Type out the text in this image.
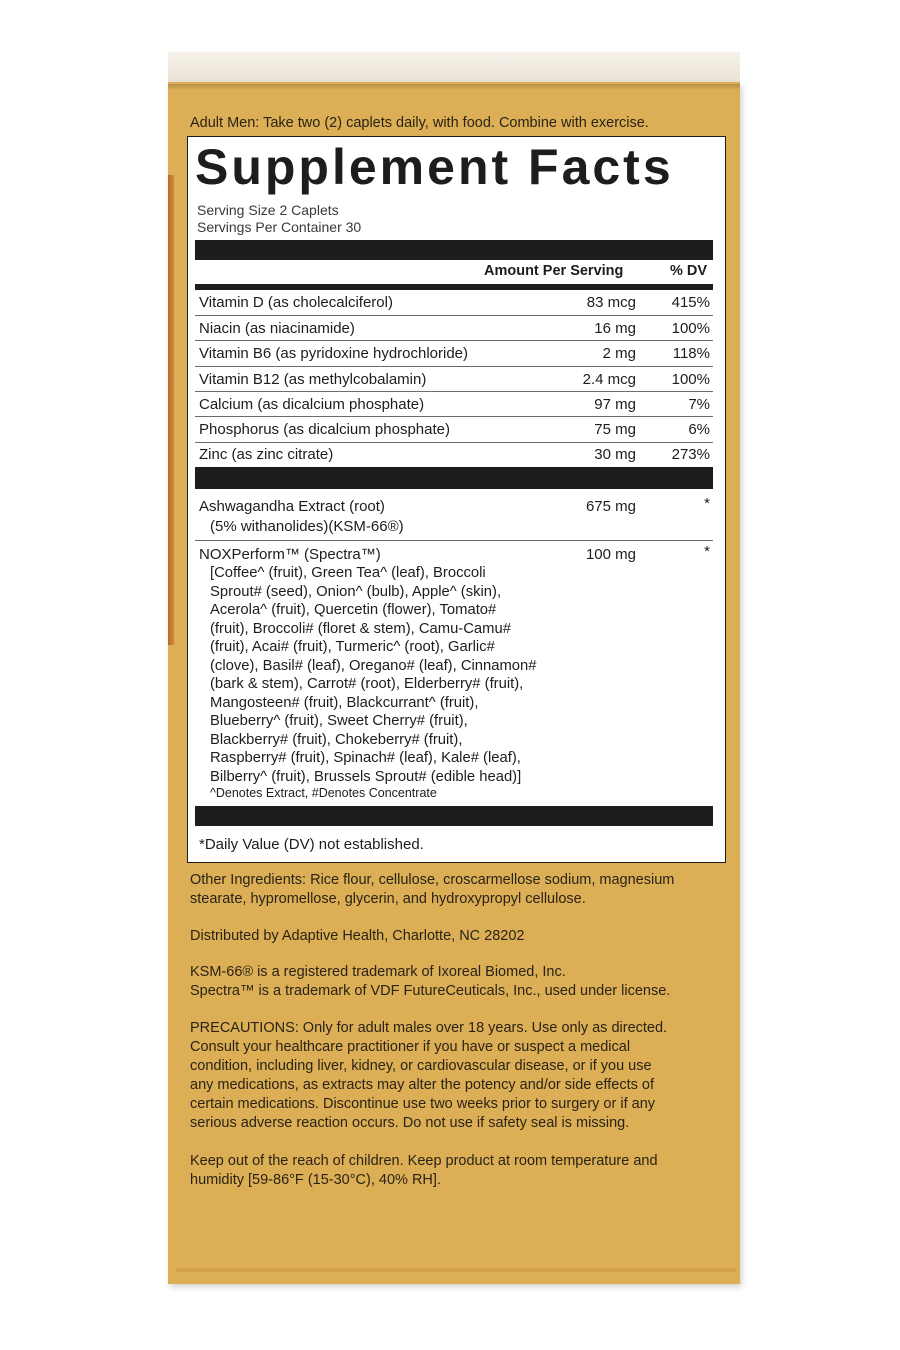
Adult Men: Take two (2) caplets daily, with food. Combine with exercise.
Supplement Facts
Serving Size 2 Caplets
Servings Per Container 30
Amount Per Serving	% DV
Vitamin D (as cholecalciferol)	83 mcg	415%
Niacin (as niacinamide)	16 mg	100%
Vitamin B6 (as pyridoxine hydrochloride)	2 mg	118%
Vitamin B12 (as methylcobalamin)	2.4 mcg	100%
Calcium (as dicalcium phosphate)	97 mg	7%
Phosphorus (as dicalcium phosphate)	75 mg	6%
Zinc (as zinc citrate)	30 mg	273%
Ashwagandha Extract (root)
(5% withanolides)(KSM-66®)
675 mg	*
NOXPerform™ (Spectra™)	100 mg	*
[Coffee^ (fruit), Green Tea^ (leaf), Broccoli
Sprout# (seed), Onion^ (bulb), Apple^ (skin),
Acerola^ (fruit), Quercetin (flower), Tomato#
(fruit), Broccoli# (floret & stem), Camu-Camu#
(fruit), Acai# (fruit), Turmeric^ (root), Garlic#
(clove), Basil# (leaf), Oregano# (leaf), Cinnamon#
(bark & stem), Carrot# (root), Elderberry# (fruit),
Mangosteen# (fruit), Blackcurrant^ (fruit),
Blueberry^ (fruit), Sweet Cherry# (fruit),
Blackberry# (fruit), Chokeberry# (fruit),
Raspberry# (fruit), Spinach# (leaf), Kale# (leaf),
Bilberry^ (fruit), Brussels Sprout# (edible head)]
^Denotes Extract, #Denotes Concentrate
*Daily Value (DV) not established.
Other Ingredients: Rice flour, cellulose, croscarmellose sodium, magnesium
stearate, hypromellose, glycerin, and hydroxypropyl cellulose.
Distributed by Adaptive Health, Charlotte, NC 28202
KSM-66® is a registered trademark of Ixoreal Biomed, Inc.
Spectra™ is a trademark of VDF FutureCeuticals, Inc., used under license.
PRECAUTIONS: Only for adult males over 18 years. Use only as directed.
Consult your healthcare practitioner if you have or suspect a medical
condition, including liver, kidney, or cardiovascular disease, or if you use
any medications, as extracts may alter the potency and/or side effects of
certain medications. Discontinue use two weeks prior to surgery or if any
serious adverse reaction occurs. Do not use if safety seal is missing.
Keep out of the reach of children. Keep product at room temperature and
humidity [59-86°F (15-30°C), 40% RH].
